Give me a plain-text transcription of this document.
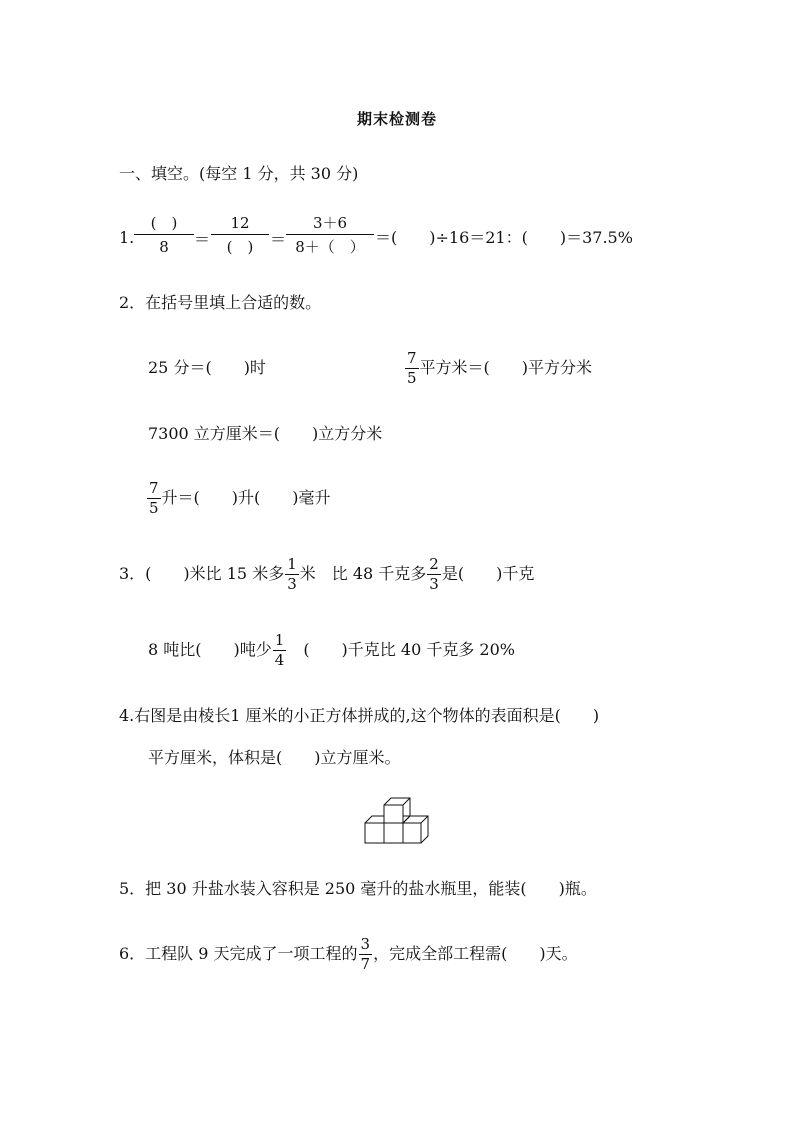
期末检测卷
一、填空。(每空 1 分，共 30 分)
1.
(　)
8 ＝
12
(　) ＝
3＋6
8＋（　） ＝(　　)÷16＝21：(　　)＝37.5%
2．在括号里填上合适的数。
25 分＝(　　)时	$\frac{7}{5}$ 平方米＝(　　)平方分米
7300 立方厘米＝(　　)立方分米
$\frac{7}{5}$ 升＝(　　)升(　　)毫升
3．(　　)米比 15 米多 $\frac{1}{3}$ 米　比 48 千克多 $\frac{2}{3}$ 是(　　)千克
8 吨比(　　)吨少 $\frac{1}{4}$ 　(　　)千克比 40 千克多 20%
4.右图是由棱长1 厘米的小正方体拼成的,这个物体的表面积是(　　)
平方厘米，体积是(　　)立方厘米。
5．把 30 升盐水装入容积是 250 毫升的盐水瓶里，能装(　　)瓶。
6．工程队 9 天完成了一项工程的 $\frac{3}{7}$ ，完成全部工程需(　　)天。
